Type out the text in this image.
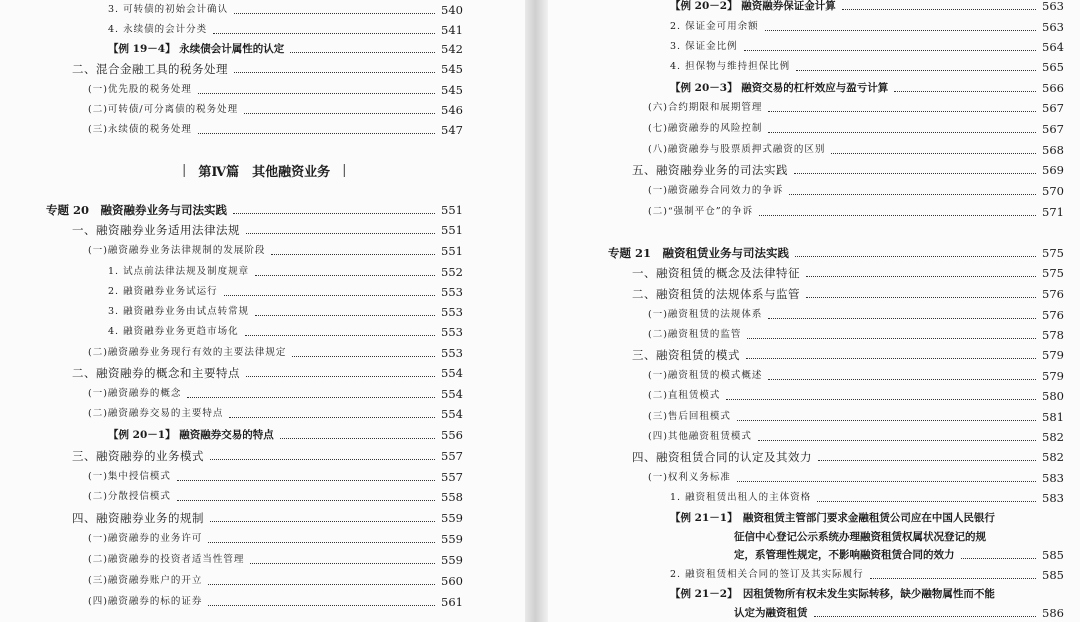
3. 可转债的初始会计确认	540
4. 永续债的会计分类	541
【例 19－4】 永续债会计属性的认定	542
二、混合金融工具的税务处理	545
(一)优先股的税务处理	545
(二)可转债/可分离债的税务处理	546
(三)永续债的税务处理	547
| 第Ⅳ篇　其他融资业务 |
专题 20　融资融券业务与司法实践	551
一、融资融券业务适用法律法规	551
(一)融资融券业务法律规制的发展阶段	551
1. 试点前法律法规及制度规章	552
2. 融资融券业务试运行	553
3. 融资融券业务由试点转常规	553
4. 融资融券业务更趋市场化	553
(二)融资融券业务现行有效的主要法律规定	553
二、融资融券的概念和主要特点	554
(一)融资融券的概念	554
(二)融资融券交易的主要特点	554
【例 20－1】 融资融券交易的特点	556
三、融资融券的业务模式	557
(一)集中授信模式	557
(二)分散授信模式	558
四、融资融券业务的规制	559
(一)融资融券的业务许可	559
(二)融资融券的投资者适当性管理	559
(三)融资融券账户的开立	560
(四)融资融券的标的证券	561
【例 20－2】 融资融券保证金计算	563
2. 保证金可用余额	563
3. 保证金比例	564
4. 担保物与维持担保比例	565
【例 20－3】 融资交易的杠杆效应与盈亏计算	566
(六)合约期限和展期管理	567
(七)融资融券的风险控制	567
(八)融资融券与股票质押式融资的区别	568
五、融资融券业务的司法实践	569
(一)融资融券合同效力的争诉	570
(二)“强制平仓”的争诉	571
专题 21　融资租赁业务与司法实践	575
一、融资租赁的概念及法律特征	575
二、融资租赁的法规体系与监管	576
(一)融资租赁的法规体系	576
(二)融资租赁的监管	578
三、融资租赁的模式	579
(一)融资租赁的模式概述	579
(二)直租赁模式	580
(三)售后回租模式	581
(四)其他融资租赁模式	582
四、融资租赁合同的认定及其效力	582
(一)权利义务标准	583
1. 融资租赁出租人的主体资格	583
【例 21－1】　融资租赁主管部门要求金融租赁公司应在中国人民银行
征信中心登记公示系统办理融资租赁权属状况登记的规
定，系管理性规定，不影响融资租赁合同的效力	585
2. 融资租赁相关合同的签订及其实际履行	585
【例 21－2】　因租赁物所有权未发生实际转移，缺少融物属性而不能
认定为融资租赁	586
